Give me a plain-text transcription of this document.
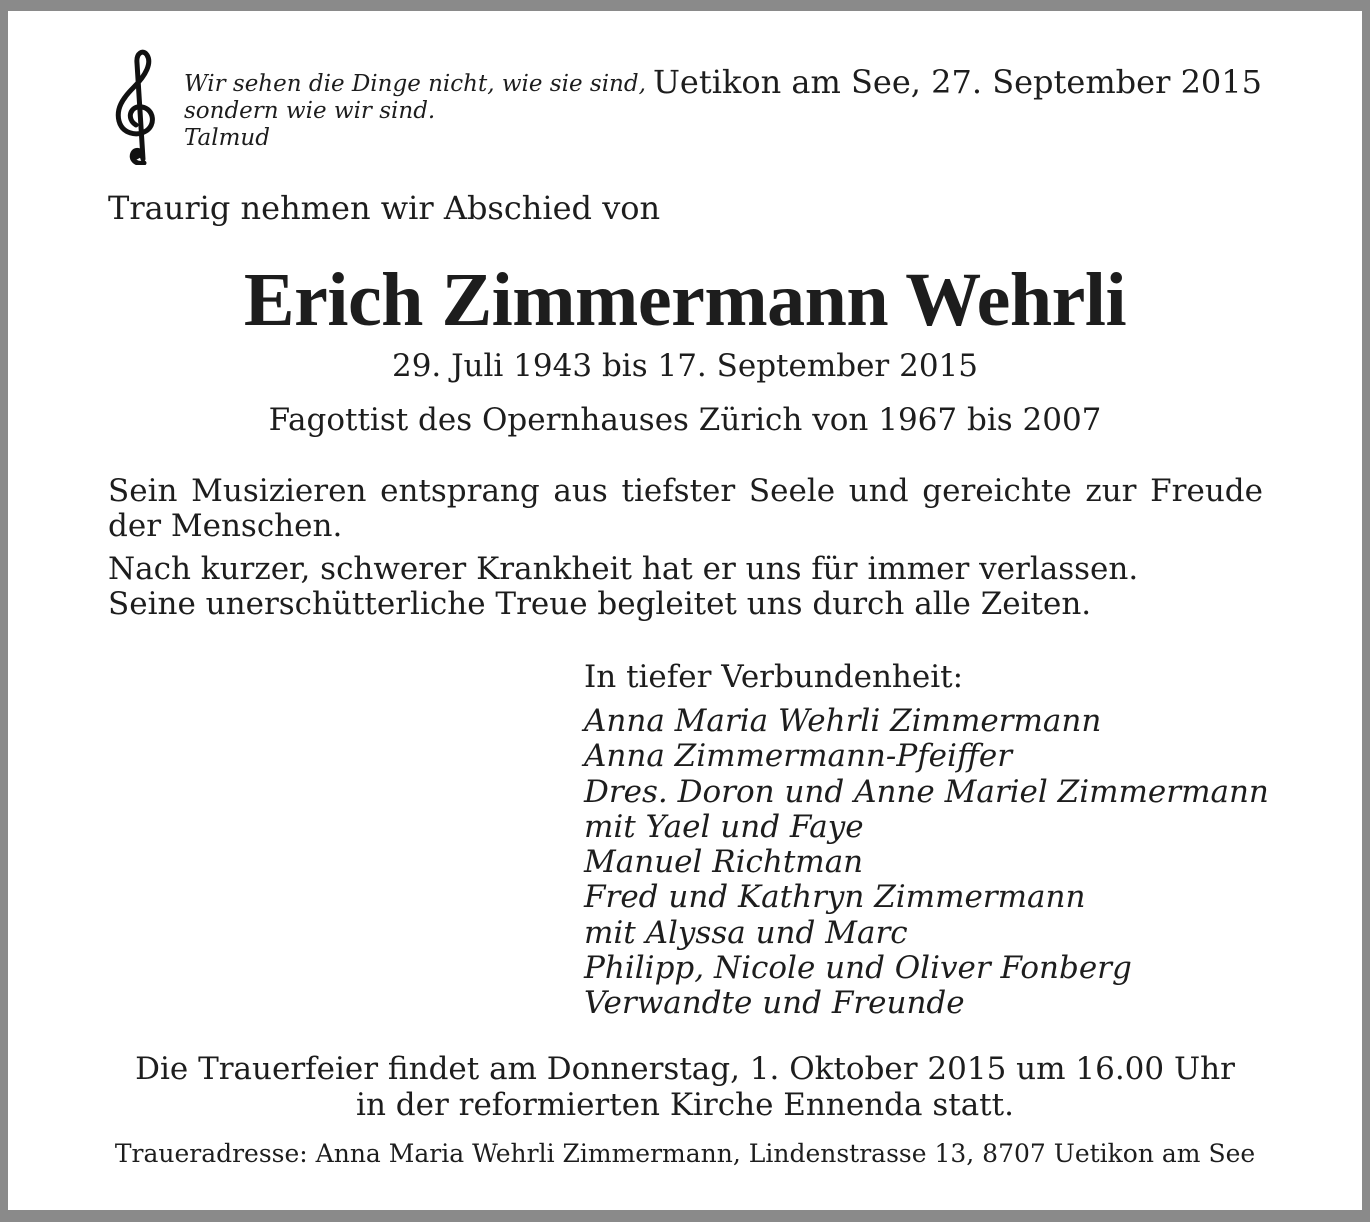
Wir sehen die Dinge nicht, wie sie sind,
sondern wie wir sind.
Talmud
Uetikon am See, 27. September 2015
Traurig nehmen wir Abschied von
Erich Zimmermann Wehrli
29. Juli 1943 bis 17. September 2015
Fagottist des Opernhauses Zürich von 1967 bis 2007

Sein Musizieren entsprang aus tiefster Seele und gereichte zur Freude der Menschen.

Nach kurzer, schwerer Krankheit hat er uns für immer verlassen.
Seine unerschütterliche Treue begleitet uns durch alle Zeiten.

In tiefer Verbundenheit:
Anna Maria Wehrli Zimmermann
Anna Zimmermann-Pfeiffer
Dres. Doron und Anne Mariel Zimmermann
mit Yael und Faye
Manuel Richtman
Fred und Kathryn Zimmermann
mit Alyssa und Marc
Philipp, Nicole und Oliver Fonberg
Verwandte und Freunde
Die Trauerfeier findet am Donnerstag, 1. Oktober 2015 um 16.00 Uhr
in der reformierten Kirche Ennenda statt.
Traueradresse: Anna Maria Wehrli Zimmermann, Lindenstrasse 13, 8707 Uetikon am See
